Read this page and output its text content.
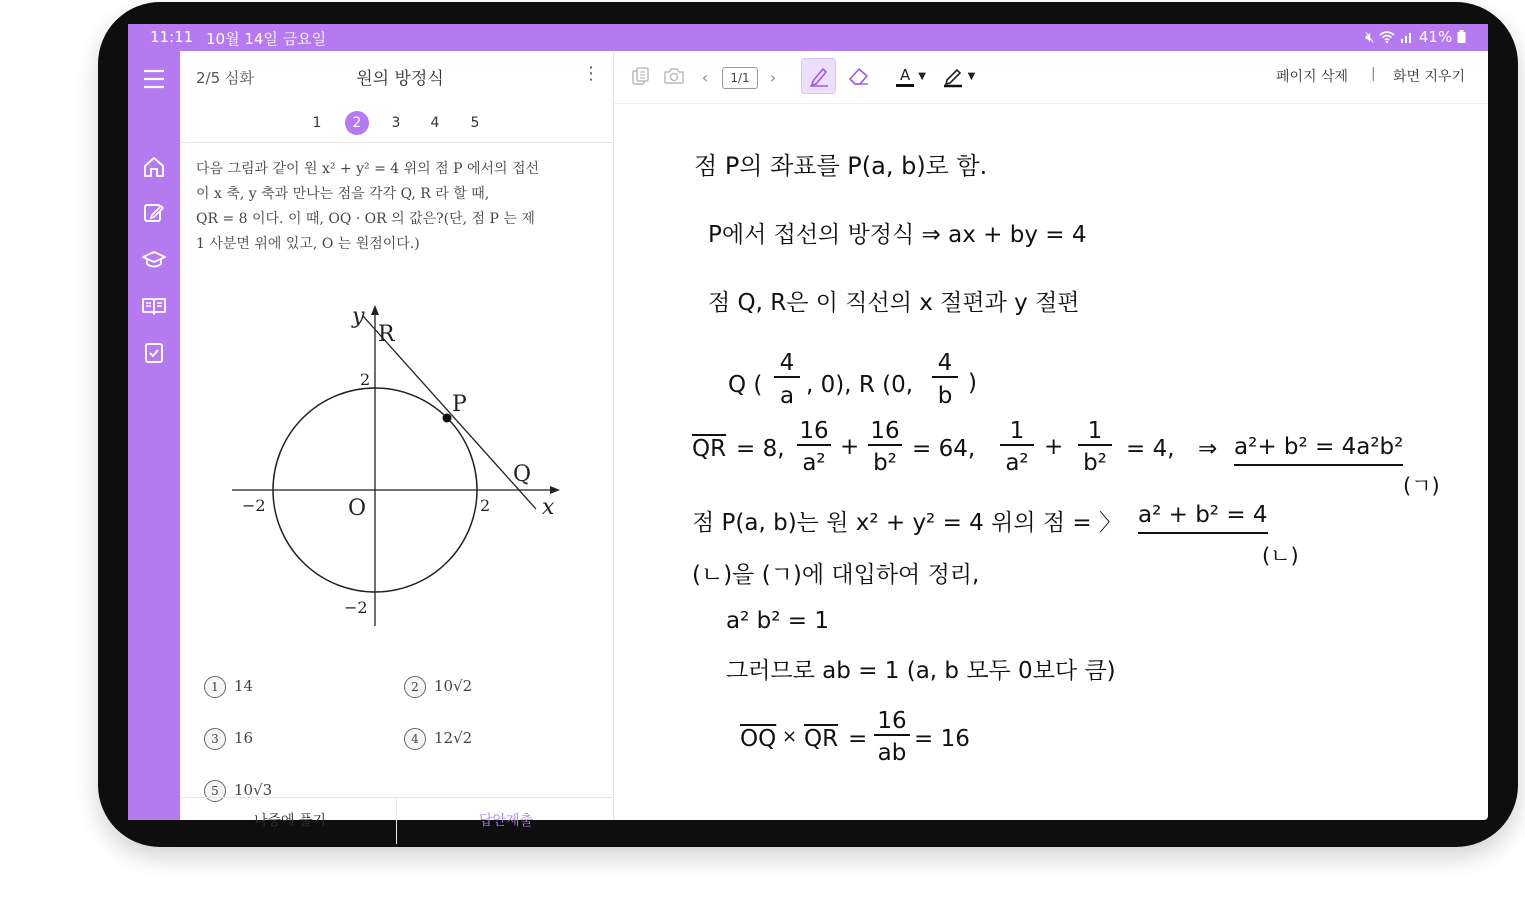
11:11 10월 14일 금요일	🔇︎	41%
2/5 심화	원의 방정식	⋮
1	2	3	4	5
다음 그림과 같이 원 x² + y² = 4 위의 점 P 에서의 접선
이 x 축, y 축과 만나는 점을 각각 Q, R 라 할 때,
QR = 8 이다. 이 때, OQ · OR 의 값은?(단, 점 P 는 제
1 사분면 위에 있고, O 는 원점이다.)
y
x
R
P
Q
O
2
−2
−2	2
1 14	2 10√2
3 16	4 12√2
5 10√3
나중에 풀기	답안제출
‹	1/1	›	A ▼	▼	페이지 삭제 | 화면 지우기
점 P의 좌표를 P(a, b)로 함.
P에서 접선의 방정식 ⇒ ax + by = 4
점 Q, R은 이 직선의 x 절편과 y 절편
Q (
4
a , 0), R (0,
4
b )
$\overline{QR} = 8$,
16
a²
+
16
b²
= 64,
1
a²
+
1
b²
= 4, ⇒ a²+ b² = 4a²b²
(ㄱ)
점 P(a, b)는 원 x² + y² = 4 위의 점 = 〉 a² + b² = 4
(ㄴ)
(ㄴ)을 (ㄱ)에 대입하여 정리,
a² b² = 1
그러므로 ab = 1 (a, b 모두 0보다 큼)
$\overline{OQ} \times \overline{QR}$ =
16
ab
= 16
